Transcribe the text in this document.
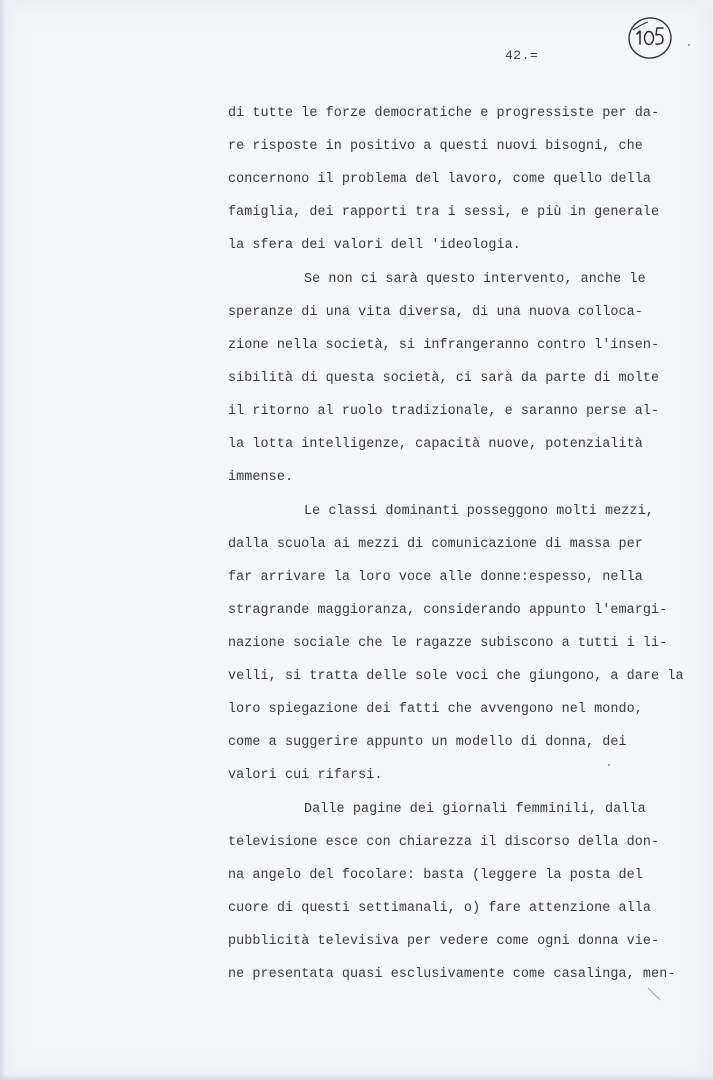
42.=
di tutte le forze democratiche e progressiste per da-
re risposte in positivo a questi nuovi bisogni, che
concernono il problema del lavoro, come quello della
famiglia, dei rapporti tra i sessi, e più in generale
la sfera dei valori dell 'ideologia.
Se non ci sarà questo intervento, anche le
speranze di una vita diversa, di una nuova colloca-
zione nella società, si infrangeranno contro l'insen-
sibilità di questa società, ci sarà da parte di molte
il ritorno al ruolo tradizionale, e saranno perse al-
la lotta intelligenze, capacità nuove, potenzialità
immense.
Le classi dominanti posseggono molti mezzi,
dalla scuola ai mezzi di comunicazione di massa per
far arrivare la loro voce alle donne:espesso, nella
stragrande maggioranza, considerando appunto l'emargi-
nazione sociale che le ragazze subiscono a tutti i li-
velli, si tratta delle sole voci che giungono, a dare la
loro spiegazione dei fatti che avvengono nel mondo,
come a suggerire appunto un modello di donna, dei
valori cui rifarsi.
Dalle pagine dei giornali femminili, dalla
televisione esce con chiarezza il discorso della don-
na angelo del focolare: basta (leggere la posta del
cuore di questi settimanali, o) fare attenzione alla
pubblicità televisiva per vedere come ogni donna vie-
ne presentata quasi esclusivamente come casalinga, men-
